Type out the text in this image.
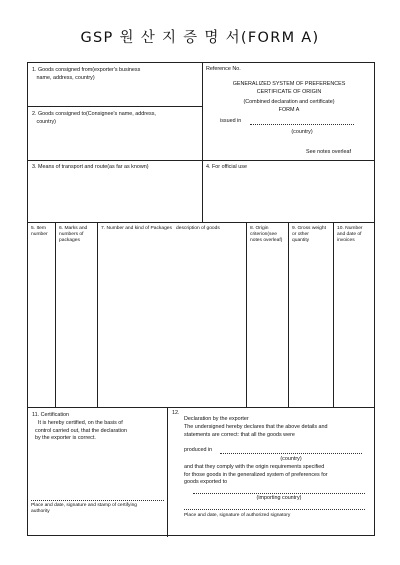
GSP 원 산 지 증 명 서(FORM A)
1. Goods consigned from(exporter's business
name, address, country)
2. Goods consigned to(Consignee's name, address,
country)
Reference No.
GENERALIZED SYSTEM OF PREFERENCES
CERTIFICATE OF ORIGIN
(Combined declaration and certificate)
FORM A
issued in
(country)
See notes overleaf
3. Means of transport and route(as far as known)	4. For official use
5. Item
number
6. Marks and
numbers of
packages
7. Number and kind of Packages   description of goods	8. Origin
criterion(see
notes overleaf)
9. Gross weight
or other
quantity
10. Number
and date of
invoices
11. Certification
It is hereby certified, on the basis of
control carried out, that the declaration
by the exporter is correct.
Place and date, signature and stamp of certifying
authority
12.
Declaration by the exporter
The undersigned hereby declares that the above details and
statements are correct: that all the goods were
produced in
(country)
and that they comply with the origin requirements specified
for those goods in the generalized system of preferences for
goods exported to
(importing country)
Place and date, signature of authorized signatory
